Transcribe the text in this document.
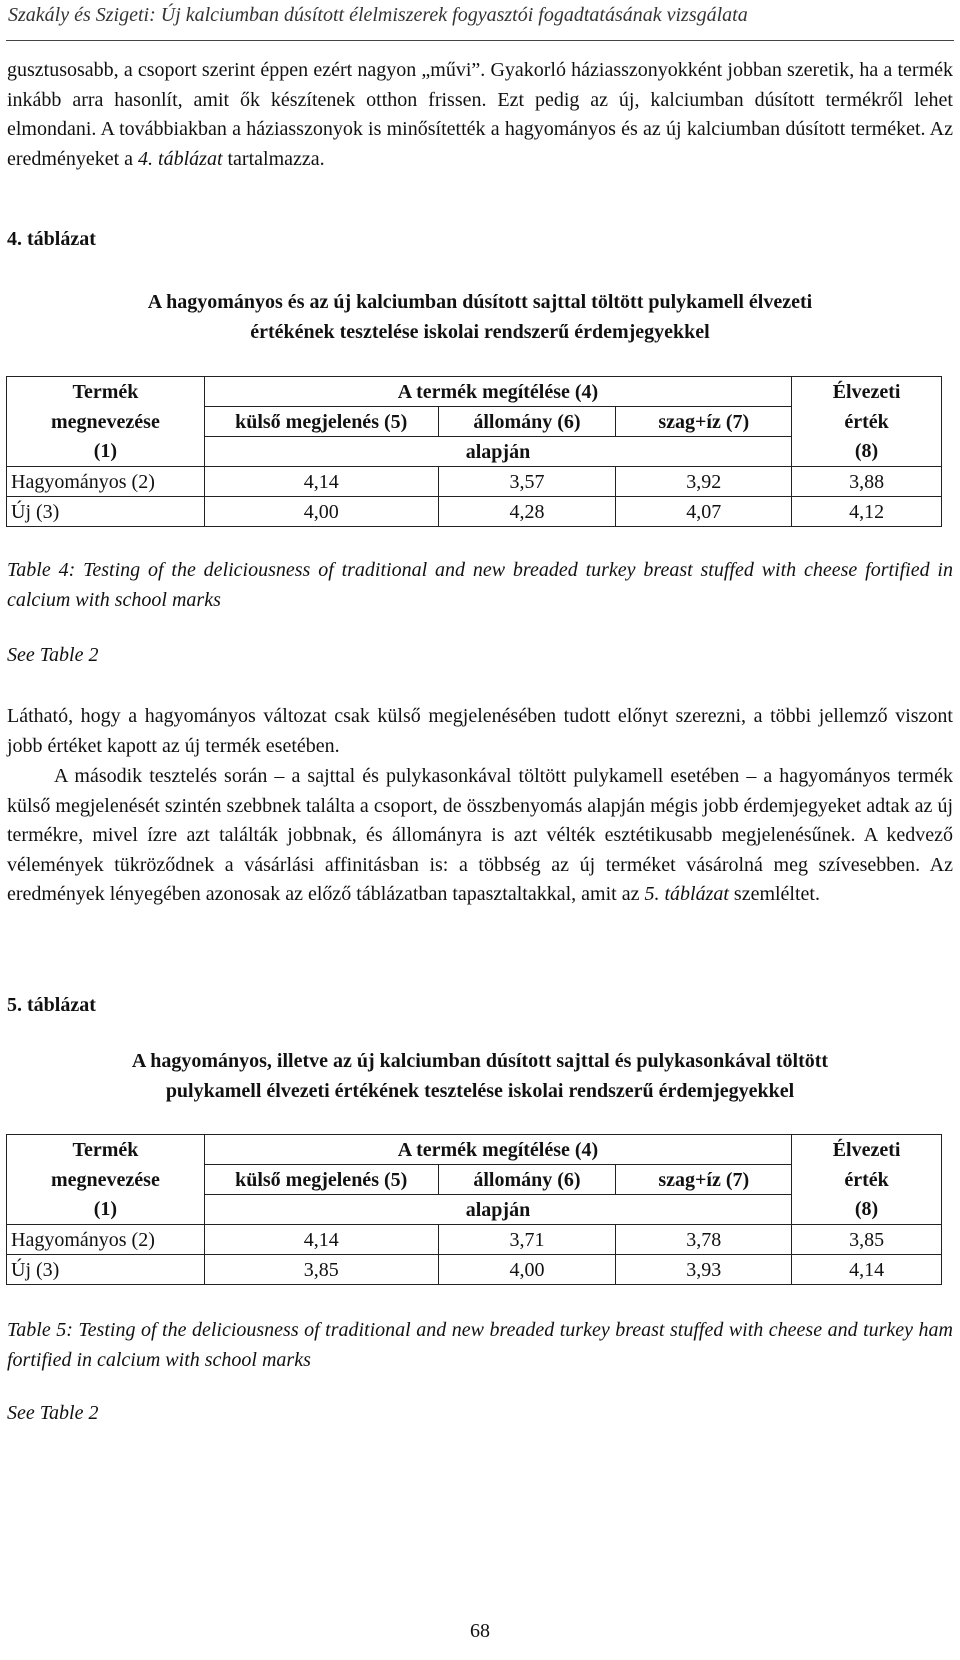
Szakály és Szigeti: Új kalciumban dúsított élelmiszerek fogyasztói fogadtatásának vizsgálata
gusztusosabb, a csoport szerint éppen ezért nagyon „művi”. Gyakorló háziasszonyokként jobban szeretik, ha a termék inkább arra hasonlít, amit ők készítenek otthon frissen. Ezt pedig az új, kalciumban dúsított termékről lehet elmondani. A továbbiakban a háziasszonyok is minősítették a hagyományos és az új kalciumban dúsított terméket. Az eredményeket a 4. táblázat tartalmazza.
4. táblázat
A hagyományos és az új kalciumban dúsított sajttal töltött pulykamell élvezeti
értékének tesztelése iskolai rendszerű érdemjegyekkel
Termék	A termék megítélése (4)			Élvezeti
megnevezése	külső megjelenés (5)	állomány (6)	szag+íz (7)	érték
(1)	alapján			(8)
Hagyományos (2)	4,14	3,57	3,92	3,88
Új (3)	4,00	4,28	4,07	4,12
Table 4: Testing of the deliciousness of traditional and new breaded turkey breast stuffed with cheese fortified in calcium with school marks
See Table 2
Látható, hogy a hagyományos változat csak külső megjelenésében tudott előnyt szerezni, a többi jellemző viszont jobb értéket kapott az új termék esetében.
A második tesztelés során – a sajttal és pulykasonkával töltött pulykamell esetében – a hagyományos termék külső megjelenését szintén szebbnek találta a csoport, de összbenyomás alapján mégis jobb érdemjegyeket adtak az új termékre, mivel ízre azt találták jobbnak, és állományra is azt vélték esztétikusabb megjelenésűnek. A kedvező vélemények tükröződnek a vásárlási affinitásban is: a többség az új terméket vásárolná meg szívesebben. Az eredmények lényegében azonosak az előző táblázatban tapasztaltakkal, amit az 5. táblázat szemléltet.
5. táblázat
A hagyományos, illetve az új kalciumban dúsított sajttal és pulykasonkával töltött
pulykamell élvezeti értékének tesztelése iskolai rendszerű érdemjegyekkel
Termék	A termék megítélése (4)			Élvezeti
megnevezése	külső megjelenés (5)	állomány (6)	szag+íz (7)	érték
(1)	alapján			(8)
Hagyományos (2)	4,14	3,71	3,78	3,85
Új (3)	3,85	4,00	3,93	4,14
Table 5: Testing of the deliciousness of traditional and new breaded turkey breast stuffed with cheese and turkey ham fortified in calcium with school marks
See Table 2
68
